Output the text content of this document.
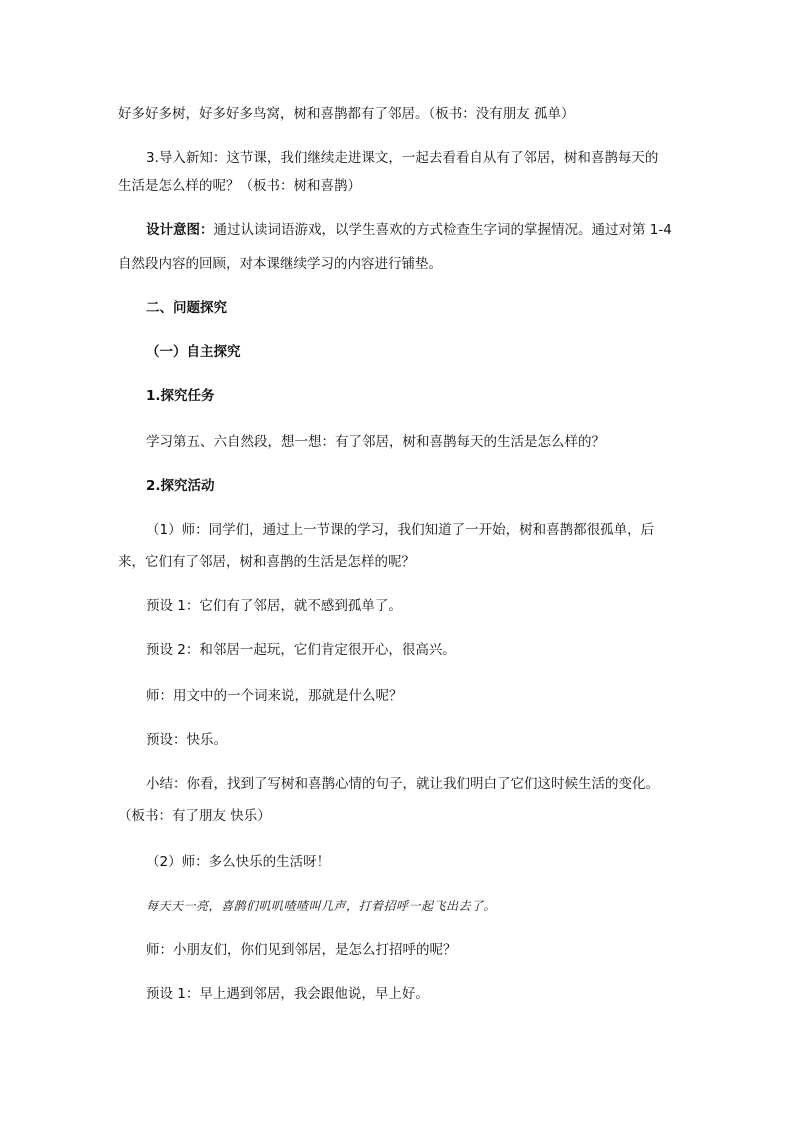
好多好多树，好多好多鸟窝，树和喜鹊都有了邻居。（板书：没有朋友 孤单）
3.导入新知：这节课，我们继续走进课文，一起去看看自从有了邻居，树和喜鹊每天的
生活是怎么样的呢？（板书：树和喜鹊）
设计意图：通过认读词语游戏，以学生喜欢的方式检查生字词的掌握情况。通过对第 1-4
自然段内容的回顾，对本课继续学习的内容进行铺垫。
二、问题探究
（一）自主探究
1.探究任务
学习第五、六自然段，想一想：有了邻居，树和喜鹊每天的生活是怎么样的？
2.探究活动
（1）师：同学们，通过上一节课的学习，我们知道了一开始，树和喜鹊都很孤单，后
来，它们有了邻居，树和喜鹊的生活是怎样的呢？
预设 1：它们有了邻居，就不感到孤单了。
预设 2：和邻居一起玩，它们肯定很开心，很高兴。
师：用文中的一个词来说，那就是什么呢？
预设：快乐。
小结：你看，找到了写树和喜鹊心情的句子，就让我们明白了它们这时候生活的变化。
（板书：有了朋友 快乐）
（2）师：多么快乐的生活呀！
每天天一亮，喜鹊们叽叽喳喳叫几声，打着招呼一起飞出去了。
师：小朋友们，你们见到邻居，是怎么打招呼的呢？
预设 1：早上遇到邻居，我会跟他说，早上好。
